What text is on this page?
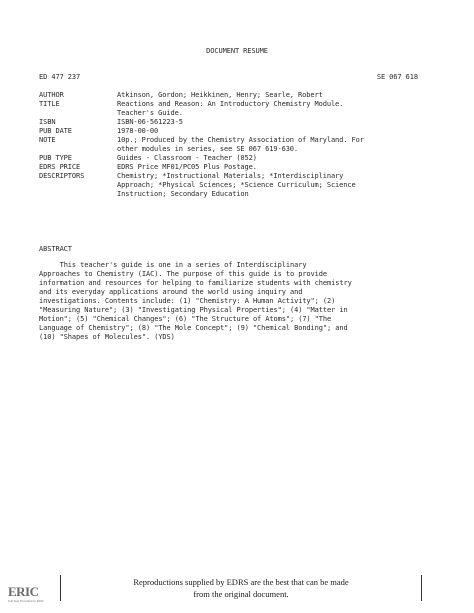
DOCUMENT RESUME
ED 477 237	SE 067 618
AUTHOR	Atkinson, Gordon; Heikkinen, Henry; Searle, Robert
TITLE	Reactions and Reason: An Introductory Chemistry Module.
Teacher's Guide.
ISBN	ISBN-06-561223-5
PUB DATE	1978-00-00
NOTE	10p.; Produced by the Chemistry Association of Maryland. For
other modules in series, see SE 067 619-630.
PUB TYPE	Guides - Classroom - Teacher (052)
EDRS PRICE	EDRS Price MF01/PC05 Plus Postage.
DESCRIPTORS	Chemistry; *Instructional Materials; *Interdisciplinary
Approach; *Physical Sciences; *Science Curriculum; Science
Instruction; Secondary Education
ABSTRACT
This teacher's guide is one in a series of Interdisciplinary
Approaches to Chemistry (IAC). The purpose of this guide is to provide
information and resources for helping to familiarize students with chemistry
and its everyday applications around the world using inquiry and
investigations. Contents include: (1) "Chemistry: A Human Activity"; (2)
"Measuring Nature"; (3) "Investigating Physical Properties"; (4) "Matter in
Motion"; (5) "Chemical Changes"; (6) "The Structure of Atoms"; (7) "The
Language of Chemistry"; (8) "The Mole Concept"; (9) "Chemical Bonding"; and
(10) "Shapes of Molecules". (YDS)
ERIC
Full Text Provided by ERIC
Reproductions supplied by EDRS are the best that can be made
from the original document.
